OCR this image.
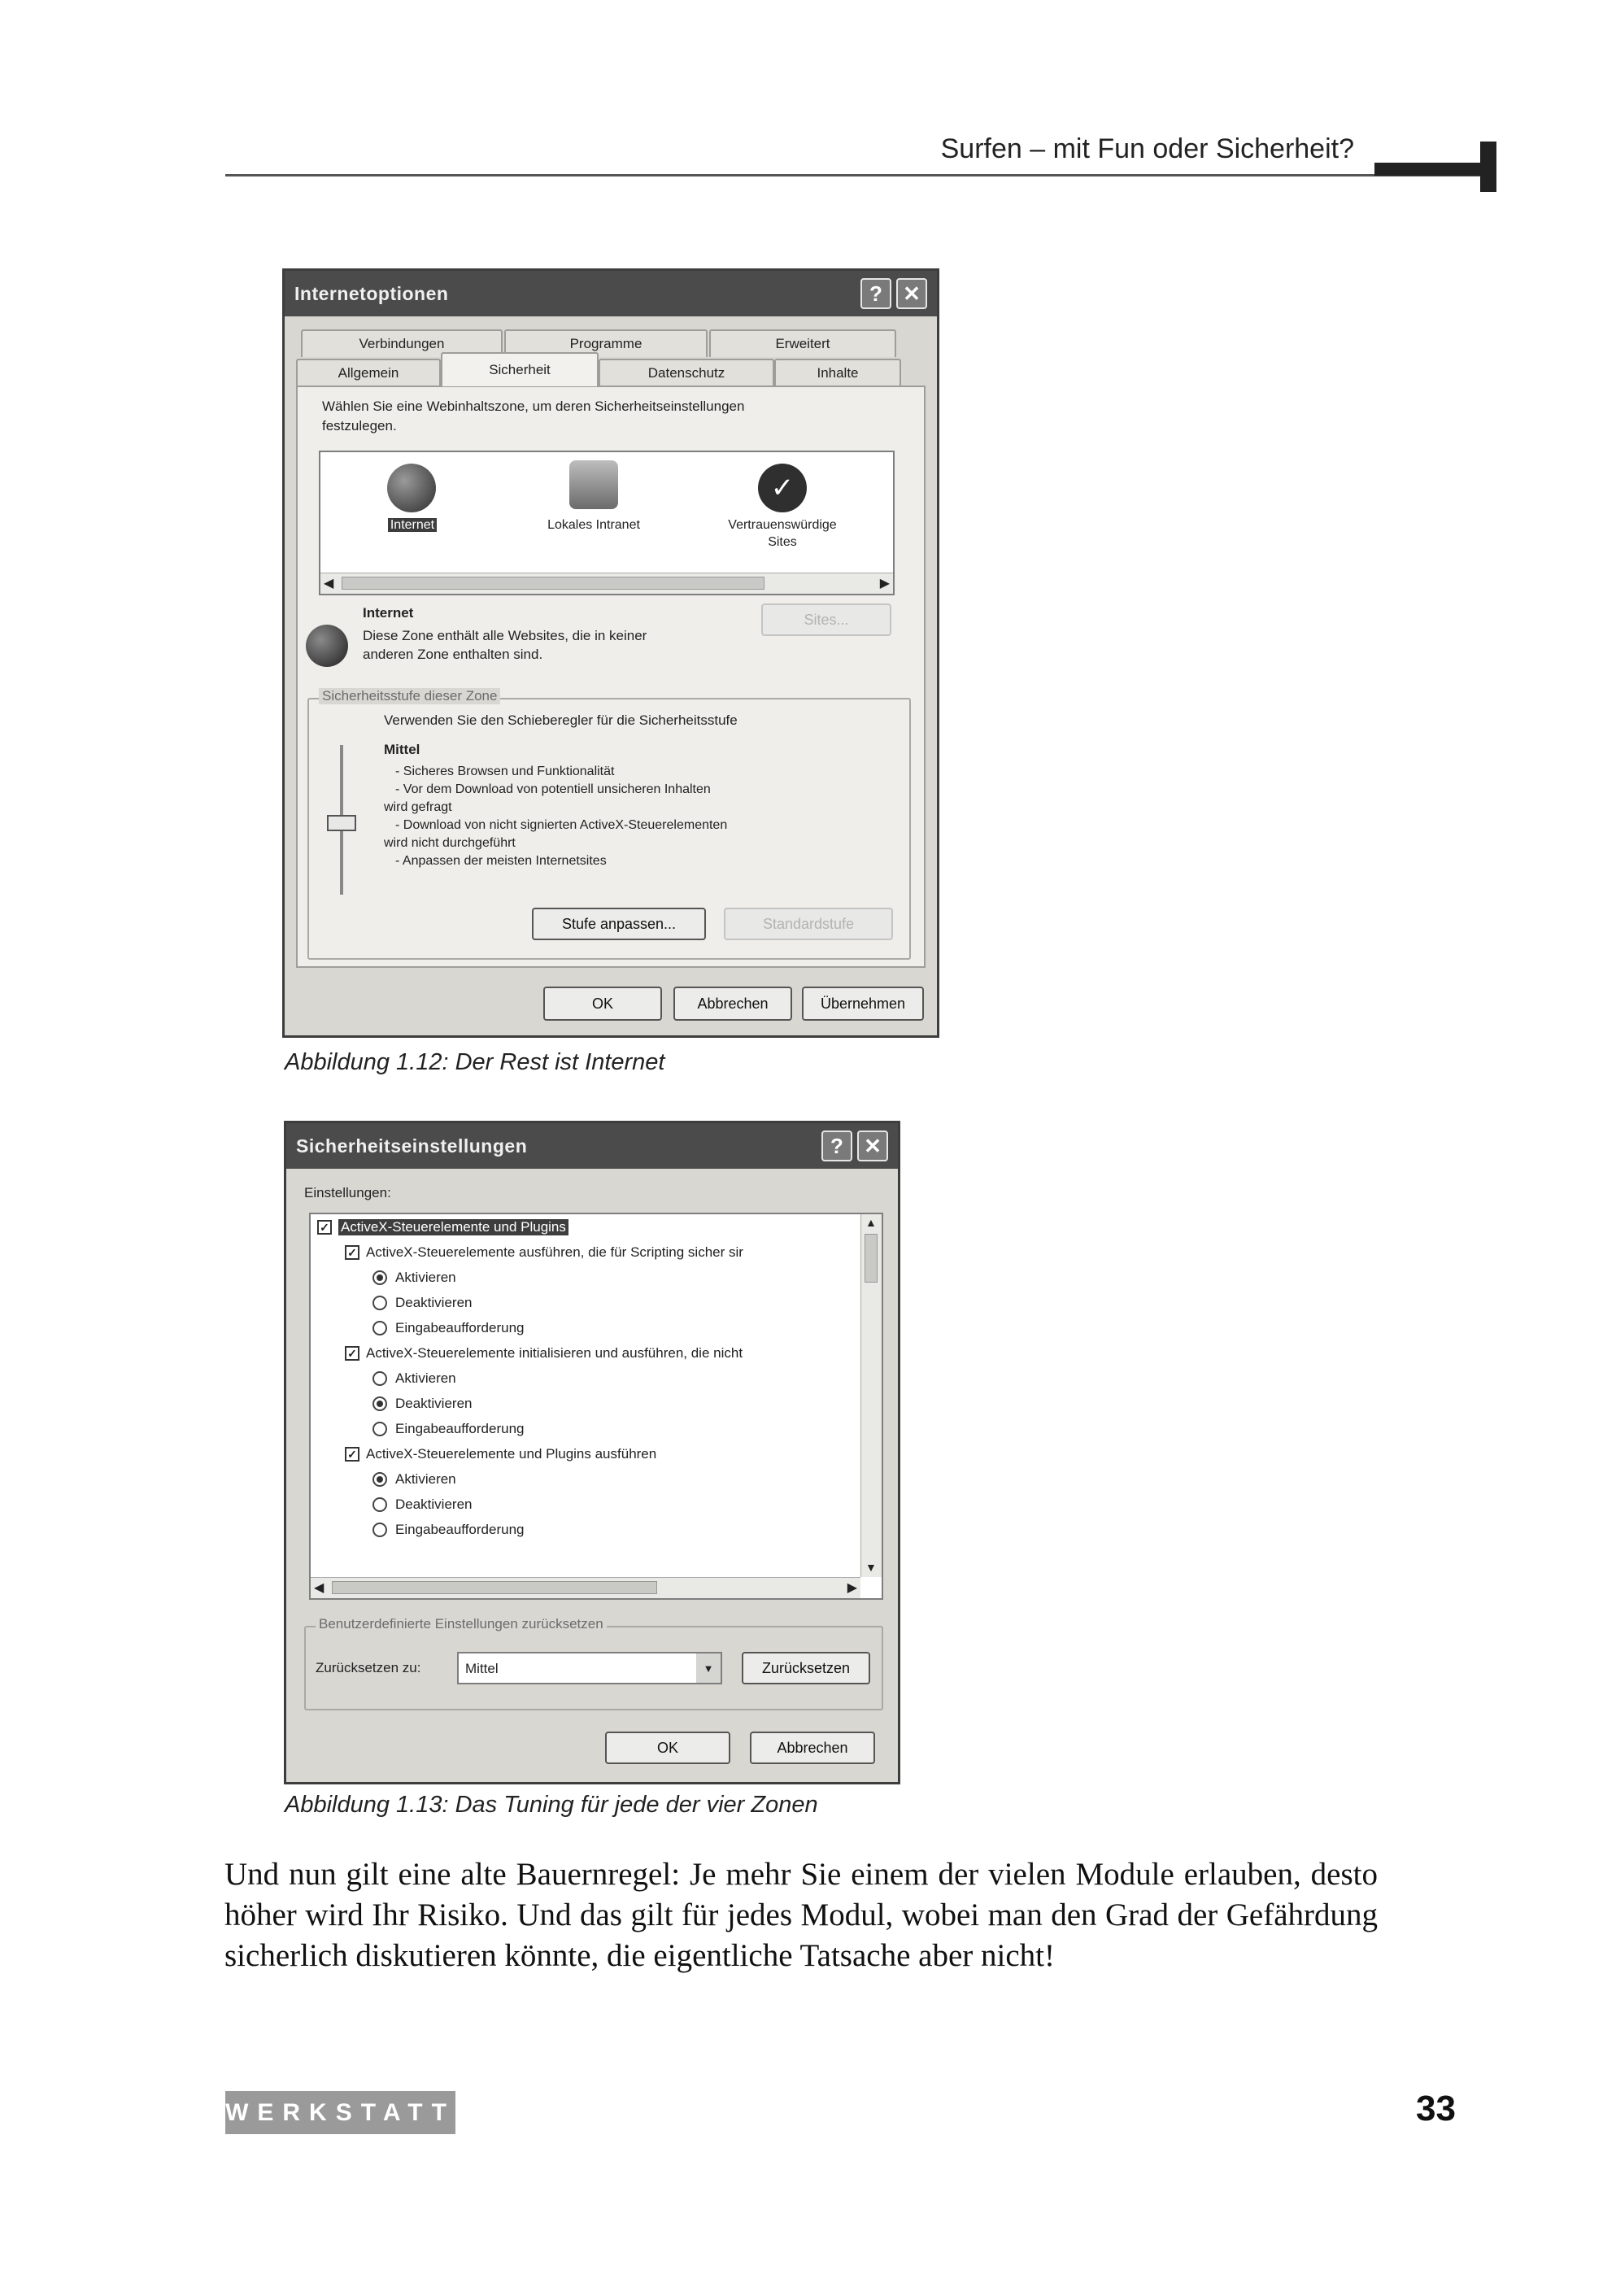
Surfen – mit Fun oder Sicherheit?
Internetoptionen	? ✕
Verbindungen	Programme	Erweitert
Allgemein	Sicherheit	Datenschutz	Inhalte
Wählen Sie eine Webinhaltszone, um deren Sicherheitseinstellungen
festzulegen.
Internet	Lokales Intranet
✓
Vertrauenswürdige Sites
◀	▶
Internet
Diese Zone enthält alle Websites, die in keiner
anderen Zone enthalten sind.
Sites...
Sicherheitsstufe dieser Zone
Verwenden Sie den Schieberegler für die Sicherheitsstufe
Mittel
- Sicheres Browsen und Funktionalität
- Vor dem Download von potentiell unsicheren Inhalten
wird gefragt
- Download von nicht signierten ActiveX-Steuerelementen
wird nicht durchgeführt
- Anpassen der meisten Internetsites
Stufe anpassen...	Standardstufe
OK	Abbrechen	Übernehmen
Abbildung 1.12: Der Rest ist Internet
Sicherheitseinstellungen	? ✕
Einstellungen:
✓ ActiveX-Steuerelemente und Plugins
✓ ActiveX-Steuerelemente ausführen, die für Scripting sicher sir
Aktivieren
Deaktivieren
Eingabeaufforderung
✓ ActiveX-Steuerelemente initialisieren und ausführen, die nicht
Aktivieren
Deaktivieren
Eingabeaufforderung
✓ ActiveX-Steuerelemente und Plugins ausführen
Aktivieren
Deaktivieren
Eingabeaufforderung
▲
▼
◀	▶
Benutzerdefinierte Einstellungen zurücksetzen
Zurücksetzen zu:	Mittel	▼	Zurücksetzen
OK	Abbrechen
Abbildung 1.13: Das Tuning für jede der vier Zonen
Und nun gilt eine alte Bauernregel: Je mehr Sie einem der vielen Module erlauben, desto höher wird Ihr Risiko. Und das gilt für jedes Modul, wobei man den Grad der Gefährdung sicherlich diskutieren könnte, die eigentliche Tatsache aber nicht!
WERKSTATT	33
